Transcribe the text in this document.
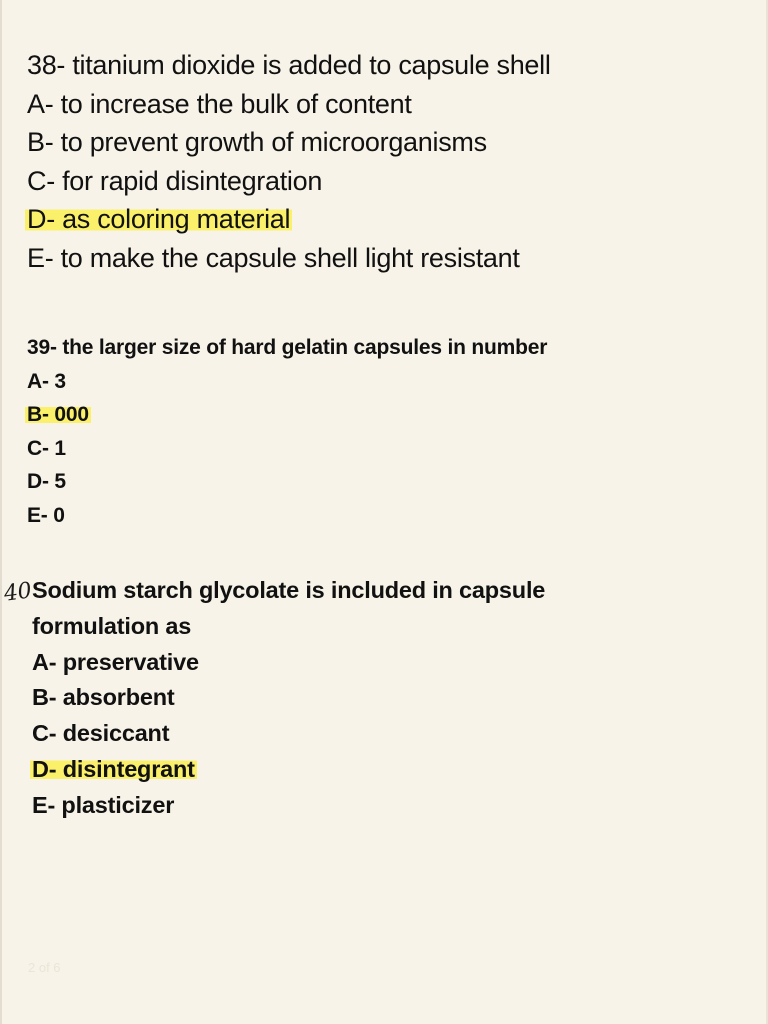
38- titanium dioxide is added to capsule shell
A- to increase the bulk of content
B- to prevent growth of microorganisms
C- for rapid disintegration
D- as coloring material
E- to make the capsule shell light resistant
39- the larger size of hard gelatin capsules in number
A- 3
B- 000
C- 1
D- 5
E- 0
40
Sodium starch glycolate is included in capsule
formulation as
A- preservative
B- absorbent
C- desiccant
D- disintegrant
E- plasticizer
2 of 6
